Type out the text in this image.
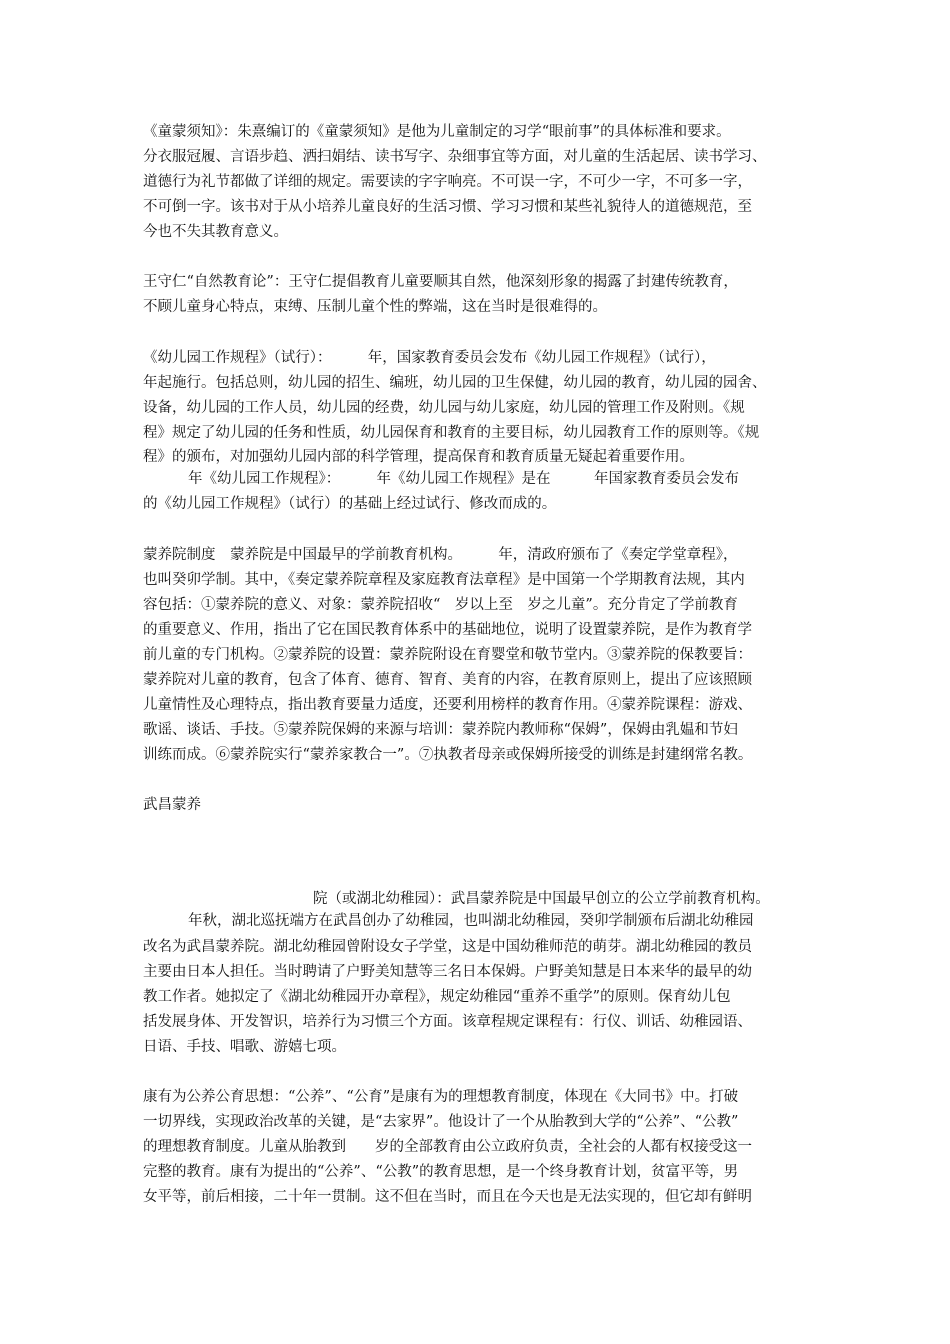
《童蒙须知》：朱熹编订的《童蒙须知》是他为儿童制定的习学“眼前事”的具体标准和要求。
分衣服冠履、言语步趋、洒扫娟结、读书写字、杂细事宜等方面，对儿童的生活起居、读书学习、
道德行为礼节都做了详细的规定。需要读的字字响亮。不可误一字，不可少一字，不可多一字，
不可倒一字。该书对于从小培养儿童良好的生活习惯、学习习惯和某些礼貌待人的道德规范，至
今也不失其教育意义。
王守仁“自然教育论”：王守仁提倡教育儿童要顺其自然，他深刻形象的揭露了封建传统教育，
不顾儿童身心特点，束缚、压制儿童个性的弊端，这在当时是很难得的。
《幼儿园工作规程》（试行）：　　　年，国家教育委员会发布《幼儿园工作规程》（试行），
年起施行。包括总则，幼儿园的招生、编班，幼儿园的卫生保健，幼儿园的教育，幼儿园的园舍、
设备，幼儿园的工作人员，幼儿园的经费，幼儿园与幼儿家庭，幼儿园的管理工作及附则。《规
程》规定了幼儿园的任务和性质，幼儿园保育和教育的主要目标，幼儿园教育工作的原则等。《规
程》的颁布，对加强幼儿园内部的科学管理，提高保育和教育质量无疑起着重要作用。
年《幼儿园工作规程》：　　　年《幼儿园工作规程》是在　　　年国家教育委员会发布
的《幼儿园工作规程》（试行）的基础上经过试行、修改而成的。
蒙养院制度　蒙养院是中国最早的学前教育机构。　　　年，清政府颁布了《奏定学堂章程》，
也叫癸卯学制。其中，《奏定蒙养院章程及家庭教育法章程》是中国第一个学期教育法规，其内
容包括：①蒙养院的意义、对象：蒙养院招收“　岁以上至　岁之儿童”。充分肯定了学前教育
的重要意义、作用，指出了它在国民教育体系中的基础地位，说明了设置蒙养院，是作为教育学
前儿童的专门机构。②蒙养院的设置：蒙养院附设在育婴堂和敬节堂内。③蒙养院的保教要旨：
蒙养院对儿童的教育，包含了体育、德育、智育、美育的内容，在教育原则上，提出了应该照顾
儿童情性及心理特点，指出教育要量力适度，还要利用榜样的教育作用。④蒙养院课程：游戏、
歌谣、谈话、手技。⑤蒙养院保姆的来源与培训：蒙养院内教师称“保姆”，保姆由乳媪和节妇
训练而成。⑥蒙养院实行“蒙养家教合一”。⑦执教者母亲或保姆所接受的训练是封建纲常名教。
武昌蒙养
院（或湖北幼稚园）：武昌蒙养院是中国最早创立的公立学前教育机构。
年秋，湖北巡抚端方在武昌创办了幼稚园，也叫湖北幼稚园，癸卯学制颁布后湖北幼稚园
改名为武昌蒙养院。湖北幼稚园曾附设女子学堂，这是中国幼稚师范的萌芽。湖北幼稚园的教员
主要由日本人担任。当时聘请了户野美知慧等三名日本保姆。户野美知慧是日本来华的最早的幼
教工作者。她拟定了《湖北幼稚园开办章程》，规定幼稚园“重养不重学”的原则。保育幼儿包
括发展身体、开发智识，培养行为习惯三个方面。该章程规定课程有：行仪、训话、幼稚园语、
日语、手技、唱歌、游嬉七项。
康有为公养公育思想：“公养”、“公育”是康有为的理想教育制度，体现在《大同书》中。打破
一切界线，实现政治改革的关键，是“去家界”。他设计了一个从胎教到大学的“公养”、“公教”
的理想教育制度。儿童从胎教到　　岁的全部教育由公立政府负责，全社会的人都有权接受这一
完整的教育。康有为提出的“公养”、“公教”的教育思想，是一个终身教育计划，贫富平等，男
女平等，前后相接，二十年一贯制。这不但在当时，而且在今天也是无法实现的，但它却有鲜明
